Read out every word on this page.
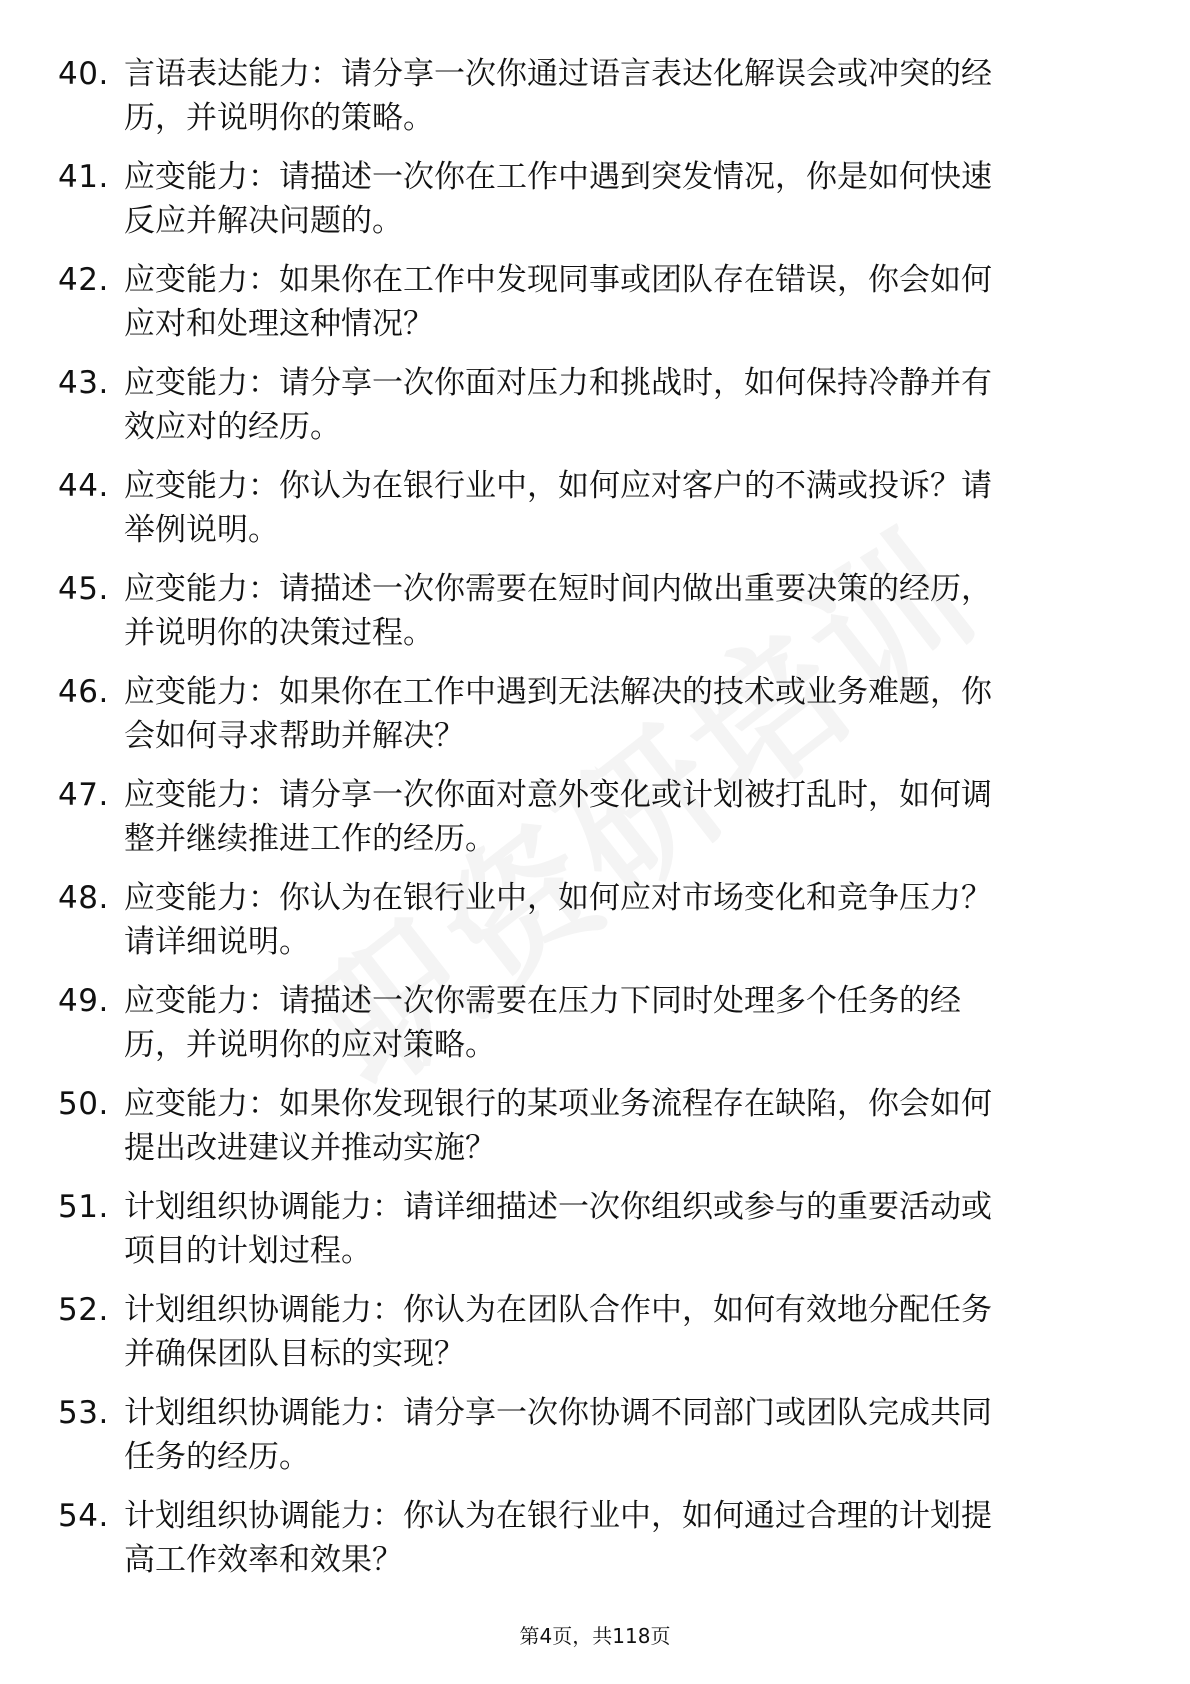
40. 言语表达能力：请分享一次你通过语言表达化解误会或冲突的经
历，并说明你的策略。
41. 应变能力：请描述一次你在工作中遇到突发情况，你是如何快速
反应并解决问题的。
42. 应变能力：如果你在工作中发现同事或团队存在错误，你会如何
应对和处理这种情况？
43. 应变能力：请分享一次你面对压力和挑战时，如何保持冷静并有
效应对的经历。
44. 应变能力：你认为在银行业中，如何应对客户的不满或投诉？请
举例说明。
45. 应变能力：请描述一次你需要在短时间内做出重要决策的经历，
并说明你的决策过程。
46. 应变能力：如果你在工作中遇到无法解决的技术或业务难题，你
会如何寻求帮助并解决？
47. 应变能力：请分享一次你面对意外变化或计划被打乱时，如何调
整并继续推进工作的经历。
48. 应变能力：你认为在银行业中，如何应对市场变化和竞争压力？
请详细说明。
49. 应变能力：请描述一次你需要在压力下同时处理多个任务的经
历，并说明你的应对策略。
50. 应变能力：如果你发现银行的某项业务流程存在缺陷，你会如何
提出改进建议并推动实施？
51. 计划组织协调能力：请详细描述一次你组织或参与的重要活动或
项目的计划过程。
52. 计划组织协调能力：你认为在团队合作中，如何有效地分配任务
并确保团队目标的实现？
53. 计划组织协调能力：请分享一次你协调不同部门或团队完成共同
任务的经历。
54. 计划组织协调能力：你认为在银行业中，如何通过合理的计划提
高工作效率和效果？
第4页，共118页
